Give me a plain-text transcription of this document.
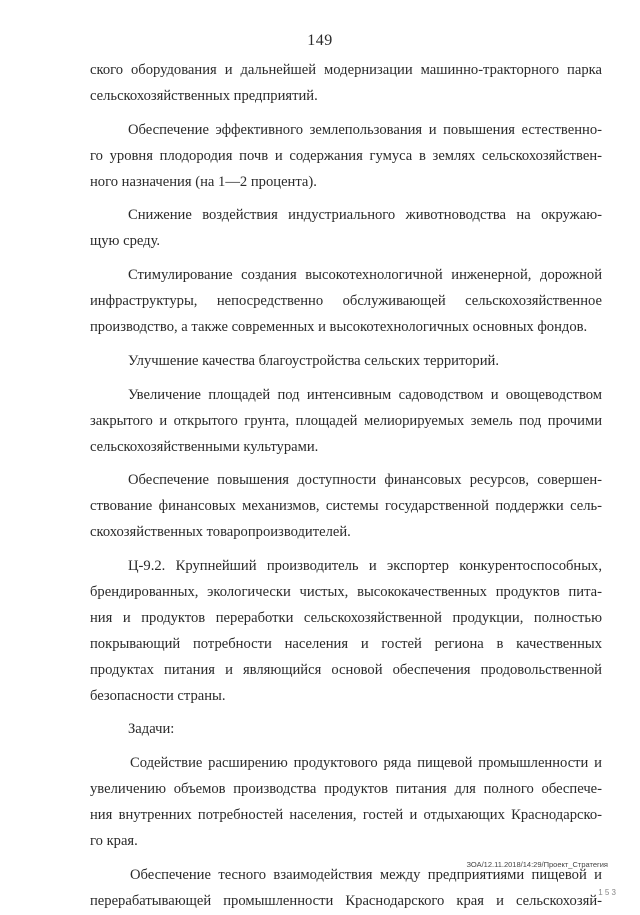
149
ского оборудования и дальнейшей модернизации машинно-тракторного парка
сельскохозяйственных предприятий.
Обеспечение эффективного землепользования и повышения естественно-
го уровня плодородия почв и содержания гумуса в землях сельскохозяйствен-
ного назначения (на 1—2 процента).
Снижение воздействия индустриального животноводства на окружаю-
щую среду.
Стимулирование создания высокотехнологичной инженерной, дорожной
инфраструктуры, непосредственно обслуживающей сельскохозяйственное
производство, а также современных и высокотехнологичных основных фондов.
Улучшение качества благоустройства сельских территорий.
Увеличение площадей под интенсивным садоводством и овощеводством
закрытого и открытого грунта, площадей мелиорируемых земель под прочими
сельскохозяйственными культурами.
Обеспечение повышения доступности финансовых ресурсов, совершен-
ствование финансовых механизмов, системы государственной поддержки сель-
скохозяйственных товаропроизводителей.
Ц-9.2. Крупнейший производитель и экспортер конкурентоспособных,
брендированных, экологически чистых, высококачественных продуктов пита-
ния и продуктов переработки сельскохозяйственной продукции, полностью
покрывающий потребности населения и гостей региона в качественных
продуктах питания и являющийся основой обеспечения продовольственной
безопасности страны.
Задачи:
Содействие расширению продуктового ряда пищевой промышленности и
увеличению объемов производства продуктов питания для полного обеспече-
ния внутренних потребностей населения, гостей и отдыхающих Краснодарско-
го края.
Обеспечение тесного взаимодействия между предприятиями пищевой и
перерабатывающей промышленности Краснодарского края и сельскохозяй-
ЗОА/12.11.2018/14:29/Проект_Стратегия
1 5 3
